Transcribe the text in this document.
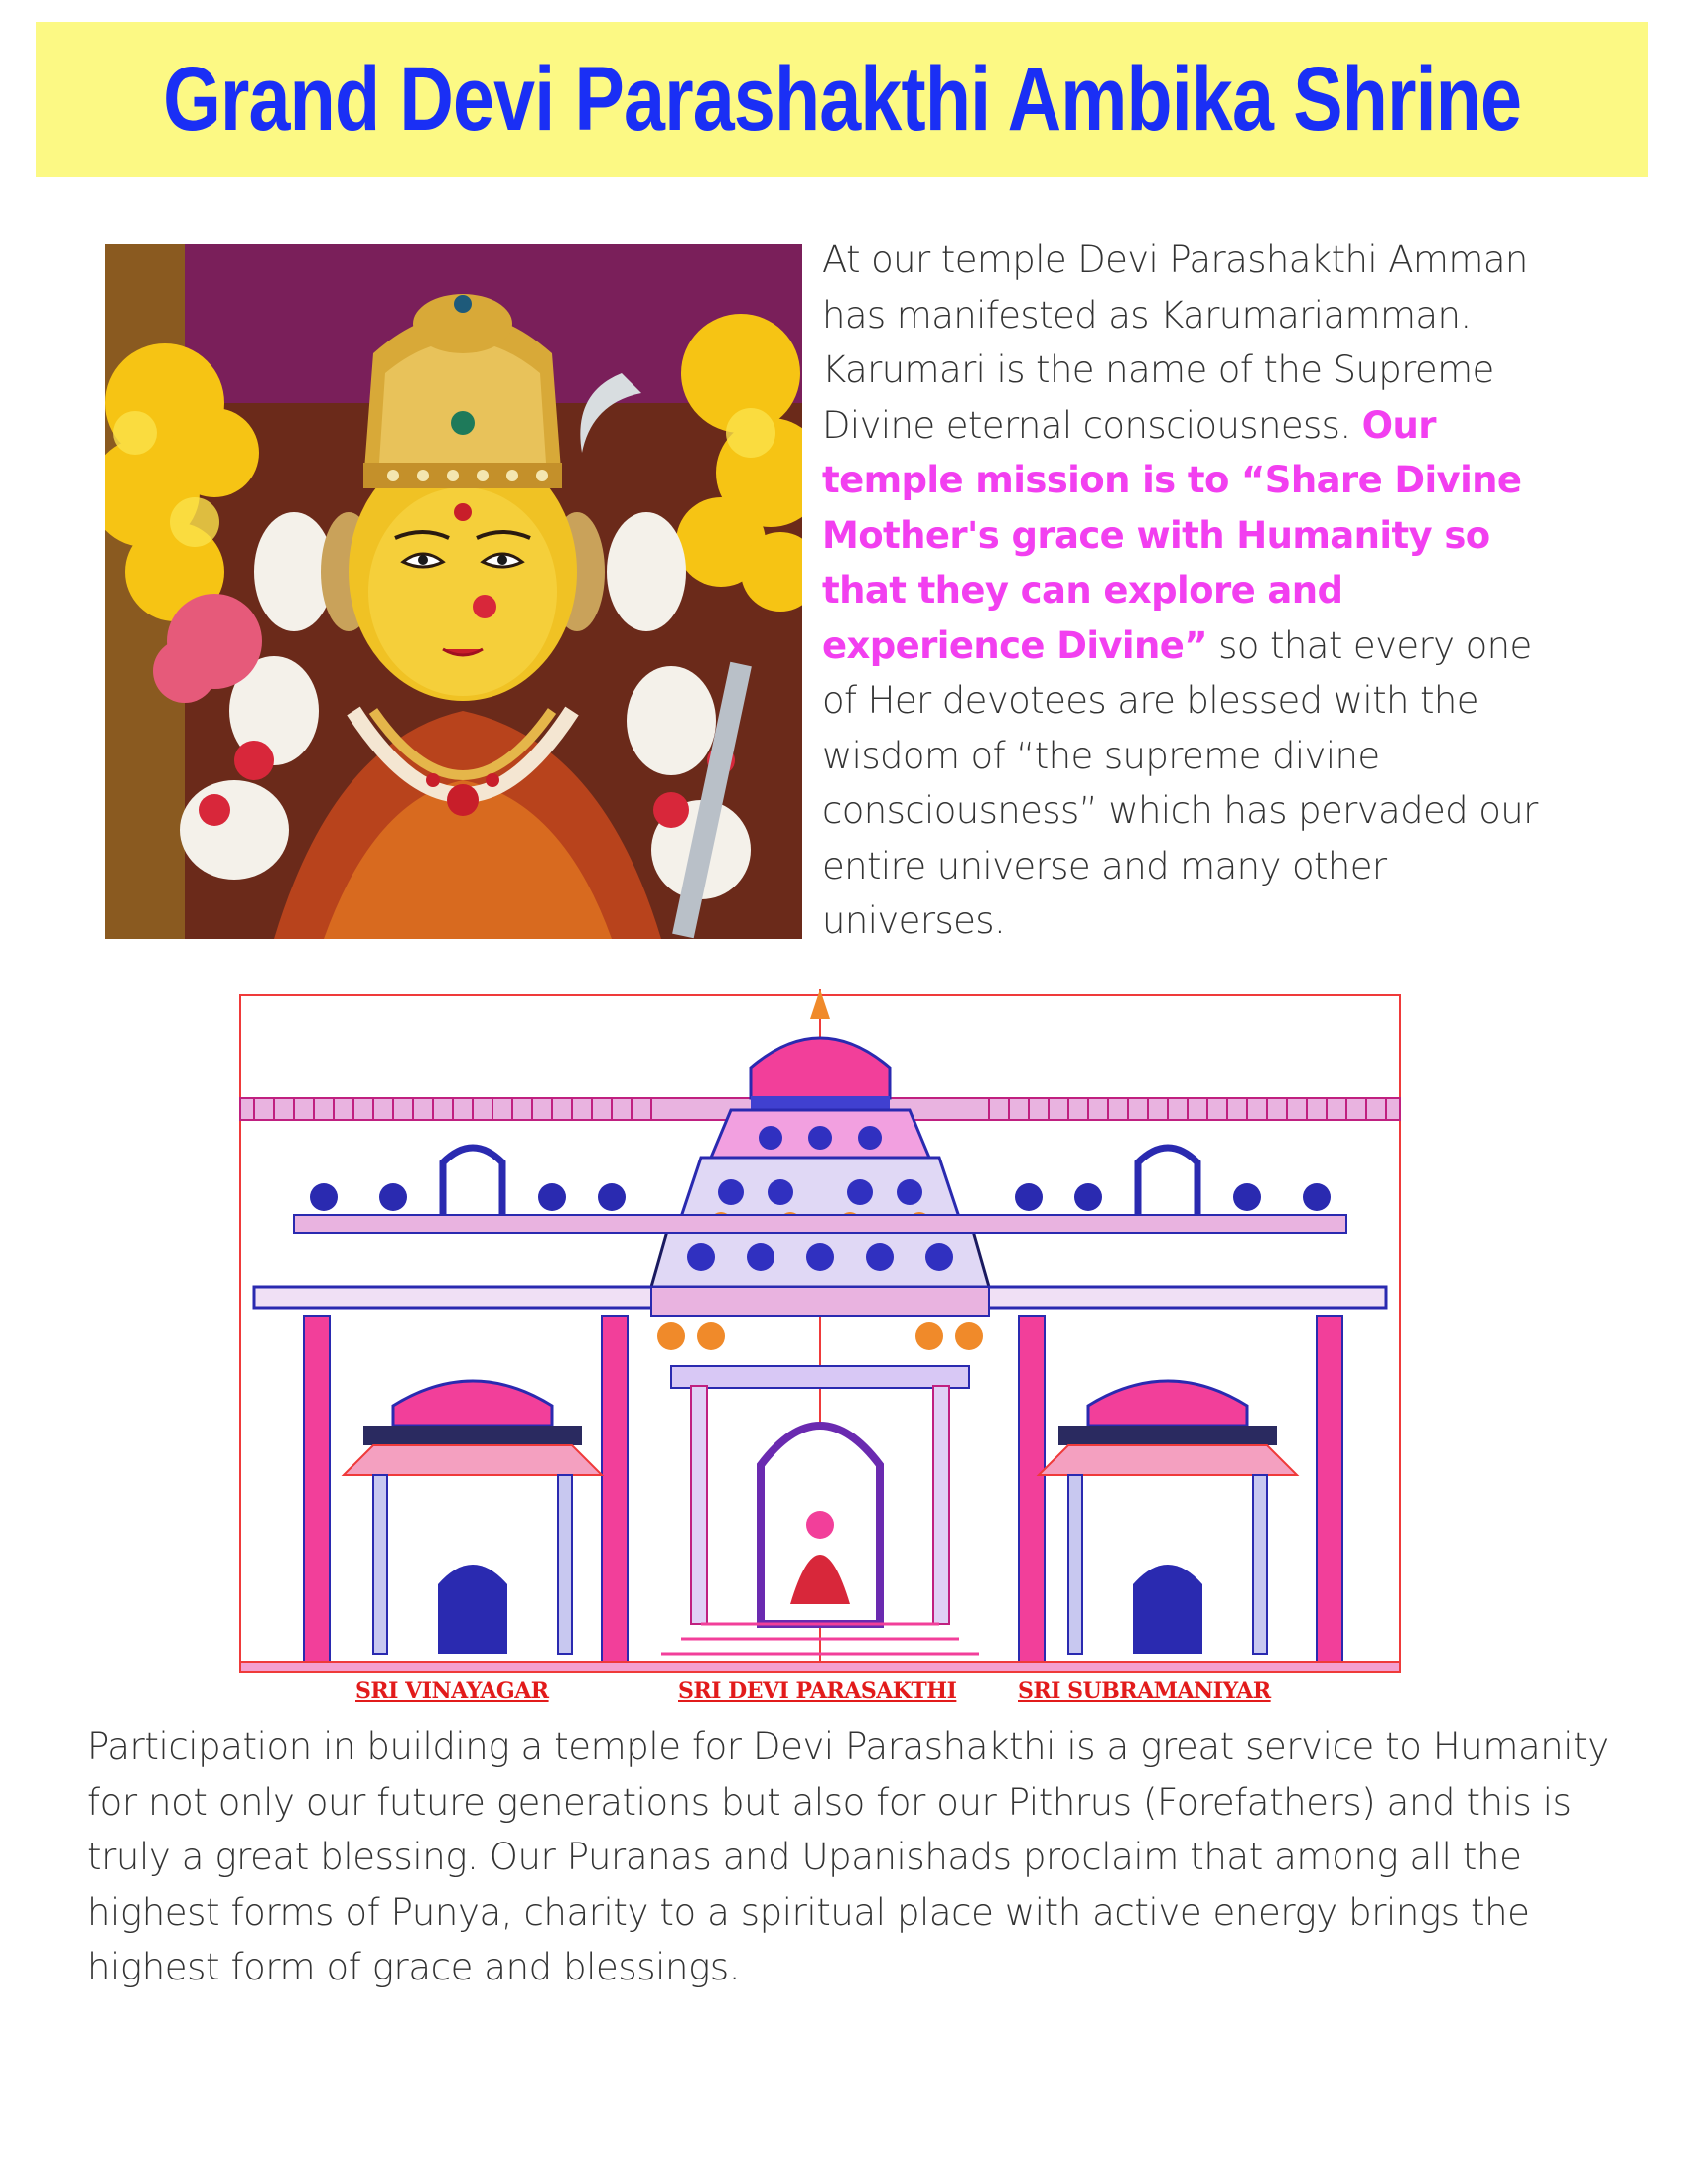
Grand Devi Parashakthi Ambika Shrine

At our temple Devi Parashakthi Amman has manifested as Karumariamman. Karumari is the name of the Supreme Divine eternal consciousness. Our temple mission is to “Share Divine Mother's grace with Humanity so that they can explore and experience Divine” so that every one of Her devotees are blessed with the wisdom of “the supreme divine consciousness” which has pervaded our entire universe and many other universes.

SRI VINAYAGAR	SRI DEVI PARASAKTHI	SRI SUBRAMANIYAR

Participation in building a temple for Devi Parashakthi is a great service to Humanity for not only our future generations but also for our Pithrus (Forefathers) and this is truly a great blessing. Our Puranas and Upanishads proclaim that among all the highest forms of Punya, charity to a spiritual place with active energy brings the highest form of grace and blessings.
